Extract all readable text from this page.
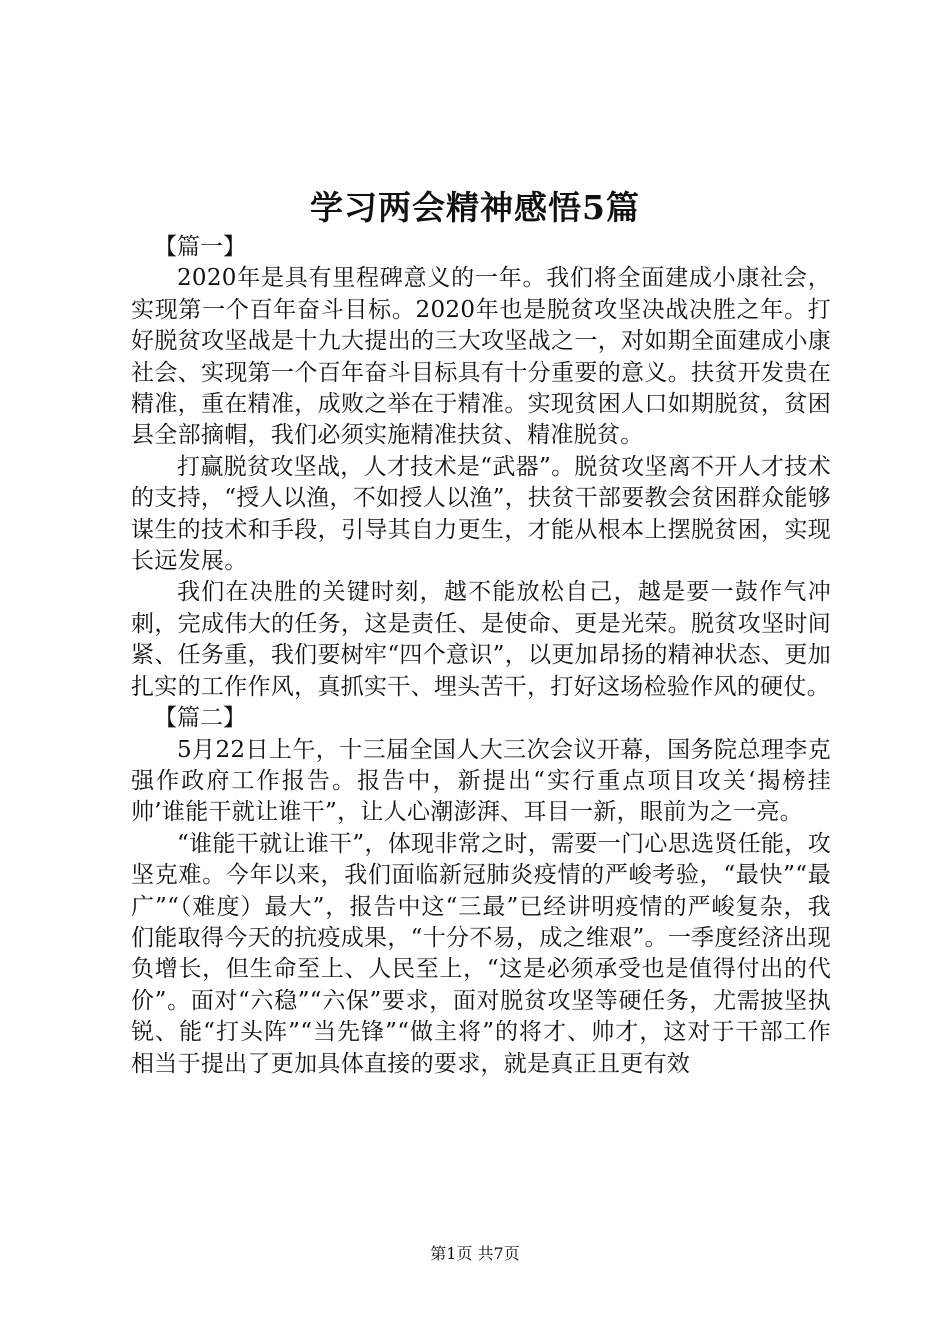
学习两会精神感悟5篇

【篇一】

2020年是具有里程碑意义的一年。我们将全面建成小康社会，实现第一个百年奋斗目标。2020年也是脱贫攻坚决战决胜之年。打好脱贫攻坚战是十九大提出的三大攻坚战之一，对如期全面建成小康社会、实现第一个百年奋斗目标具有十分重要的意义。扶贫开发贵在精准，重在精准，成败之举在于精准。实现贫困人口如期脱贫，贫困县全部摘帽，我们必须实施精准扶贫、精准脱贫。

打赢脱贫攻坚战，人才技术是“武器”。脱贫攻坚离不开人才技术的支持，“授人以渔，不如授人以渔”，扶贫干部要教会贫困群众能够谋生的技术和手段，引导其自力更生，才能从根本上摆脱贫困，实现长远发展。

我们在决胜的关键时刻，越不能放松自己，越是要一鼓作气冲刺，完成伟大的任务，这是责任、是使命、更是光荣。脱贫攻坚时间紧、任务重，我们要树牢“四个意识”，以更加昂扬的精神状态、更加扎实的工作作风，真抓实干、埋头苦干，打好这场检验作风的硬仗。

【篇二】

5月22日上午，十三届全国人大三次会议开幕，国务院总理李克强作政府工作报告。报告中，新提出“实行重点项目攻关‘揭榜挂帅’谁能干就让谁干”，让人心潮澎湃、耳目一新，眼前为之一亮。

“谁能干就让谁干”，体现非常之时，需要一门心思选贤任能，攻坚克难。今年以来，我们面临新冠肺炎疫情的严峻考验，“最快”“最广”“（难度）最大”，报告中这“三最”已经讲明疫情的严峻复杂，我们能取得今天的抗疫成果，“十分不易，成之维艰”。一季度经济出现负增长，但生命至上、人民至上，“这是必须承受也是值得付出的代价”。面对“六稳”“六保”要求，面对脱贫攻坚等硬任务，尤需披坚执锐、能“打头阵”“当先锋”“做主将”的将才、帅才，这对于干部工作相当于提出了更加具体直接的要求，就是真正且更有效

第1页 共7页
